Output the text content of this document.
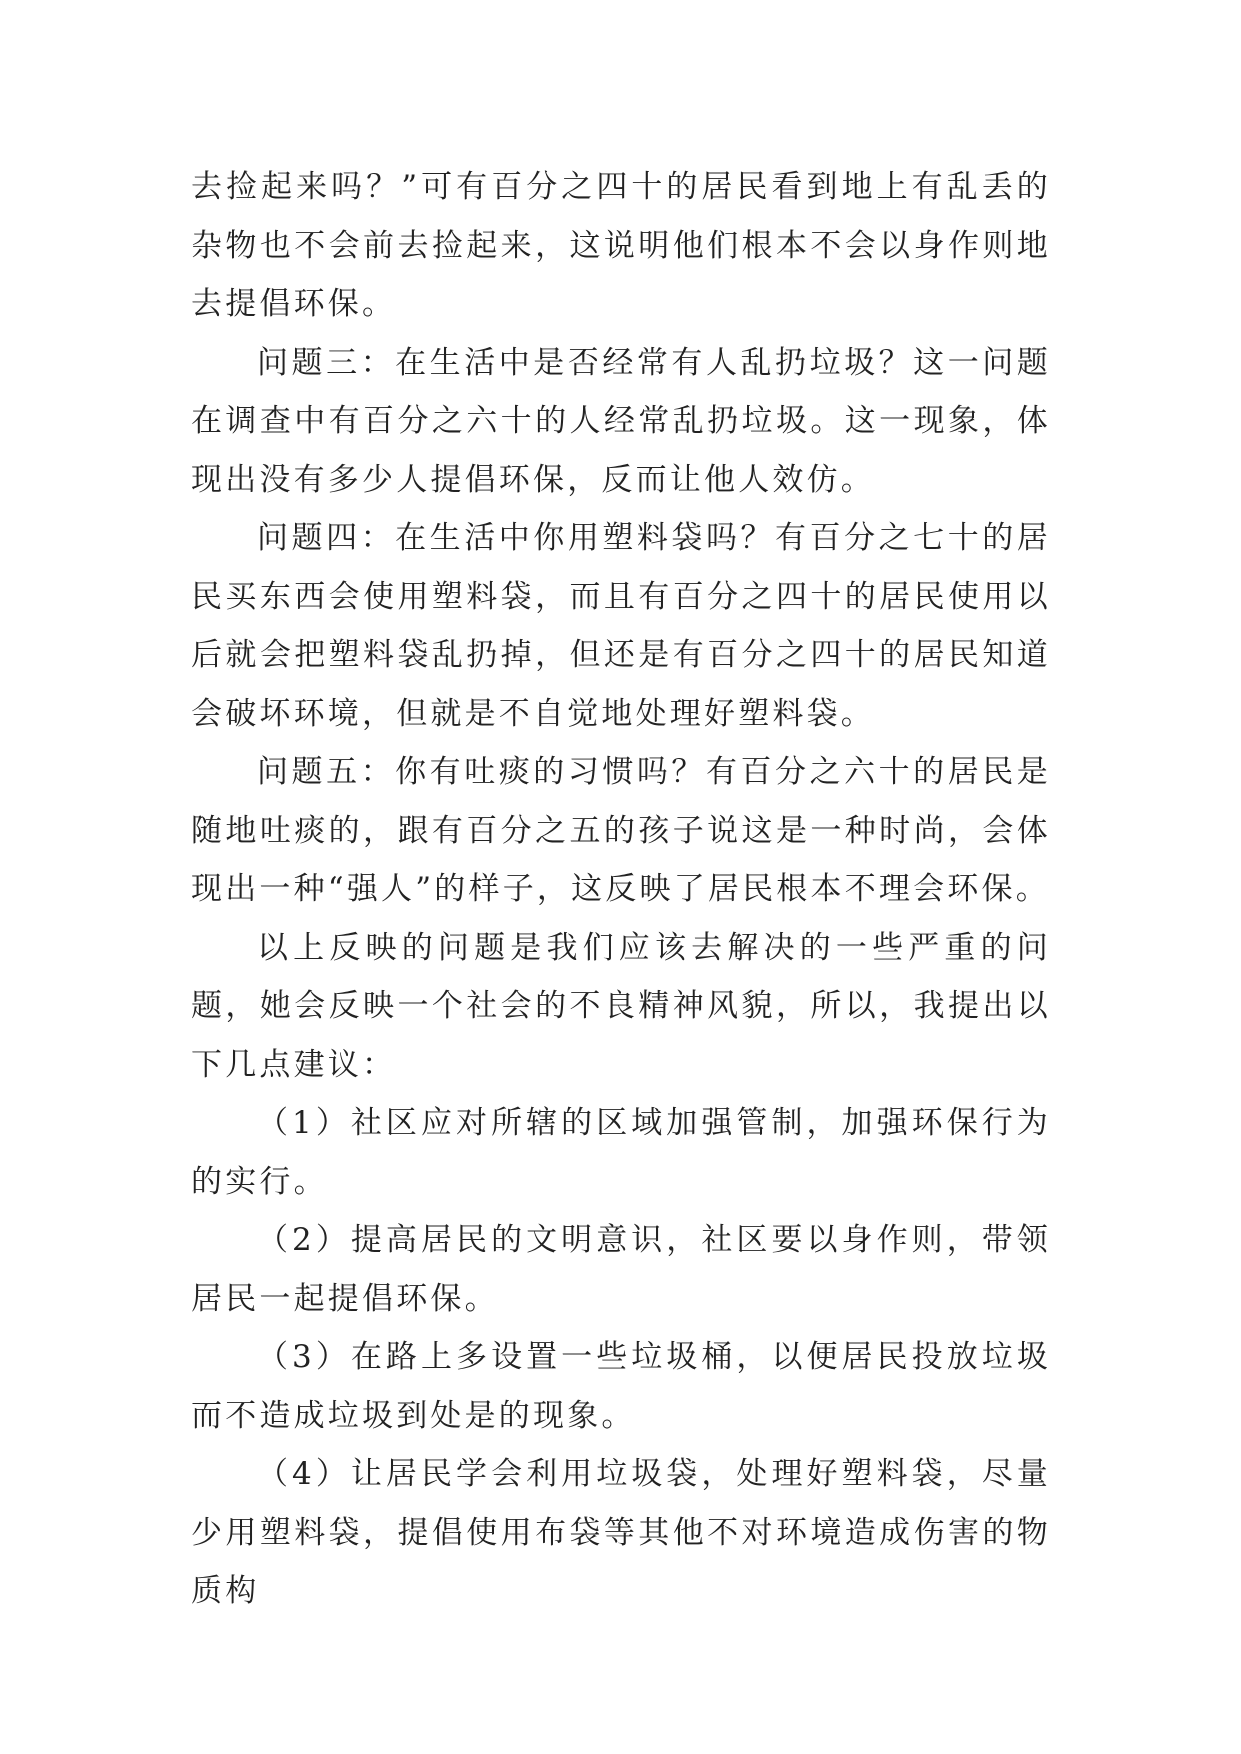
去捡起来吗？”可有百分之四十的居民看到地上有乱丢的杂物也不会前去捡起来，这说明他们根本不会以身作则地去提倡环保。

问题三：在生活中是否经常有人乱扔垃圾？这一问题在调查中有百分之六十的人经常乱扔垃圾。这一现象，体现出没有多少人提倡环保，反而让他人效仿。

问题四：在生活中你用塑料袋吗？有百分之七十的居民买东西会使用塑料袋，而且有百分之四十的居民使用以后就会把塑料袋乱扔掉，但还是有百分之四十的居民知道会破坏环境，但就是不自觉地处理好塑料袋。

问题五：你有吐痰的习惯吗？有百分之六十的居民是随地吐痰的，跟有百分之五的孩子说这是一种时尚，会体现出一种“强人”的样子，这反映了居民根本不理会环保。

以上反映的问题是我们应该去解决的一些严重的问题，她会反映一个社会的不良精神风貌，所以，我提出以下几点建议：

（1）社区应对所辖的区域加强管制，加强环保行为的实行。

（2）提高居民的文明意识，社区要以身作则，带领居民一起提倡环保。

（3）在路上多设置一些垃圾桶，以便居民投放垃圾而不造成垃圾到处是的现象。

（4）让居民学会利用垃圾袋，处理好塑料袋，尽量少用塑料袋，提倡使用布袋等其他不对环境造成伤害的物质构
